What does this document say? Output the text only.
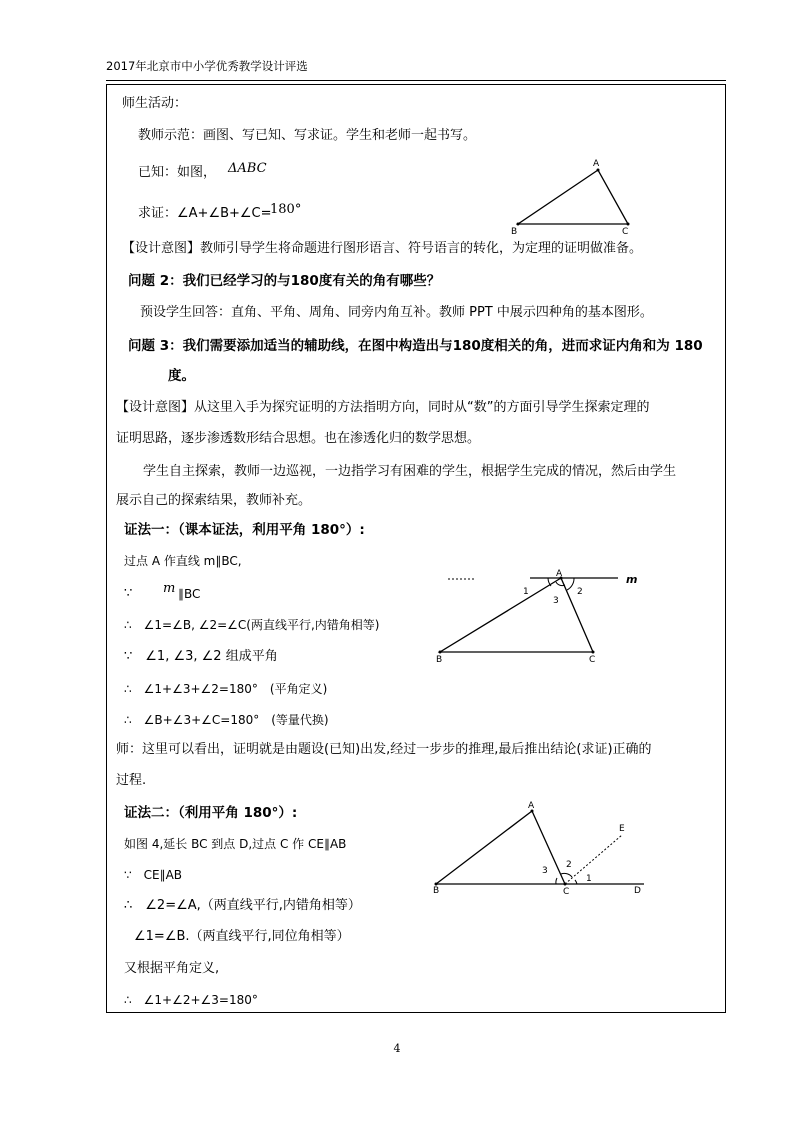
2017年北京市中小学优秀教学设计评选
师生活动：
教师示范：画图、写已知、写求证。学生和老师一起书写。
已知：如图， ΔABC
求证：∠A+∠B+∠C=
180°
【设计意图】教师引导学生将命题进行图形语言、符号语言的转化，为定理的证明做准备。
问题 2：我们已经学习的与180度有关的角有哪些？
预设学生回答：直角、平角、周角、同旁内角互补。教师 PPT 中展示四种角的基本图形。
问题 3：我们需要添加适当的辅助线，在图中构造出与180度相关的角，进而求证内角和为 180
度。
【设计意图】从这里入手为探究证明的方法指明方向，同时从“数”的方面引导学生探索定理的
证明思路，逐步渗透数形结合思想。也在渗透化归的数学思想。
学生自主探索，教师一边巡视，一边指学习有困难的学生，根据学生完成的情况，然后由学生
展示自己的探索结果，教师补充。
证法一：（课本证法，利用平角 180°）:
过点 A 作直线 m∥BC,
∵ m ∥BC
∴　∠1=∠B, ∠2=∠C(两直线平行,内错角相等)
∵　∠1, ∠3, ∠2 组成平角
∴　∠1+∠3+∠2=180°　(平角定义)
∴　∠B+∠3+∠C=180°　(等量代换)
师：这里可以看出，证明就是由题设(已知)出发,经过一步步的推理,最后推出结论(求证)正确的
过程.
证法二：（利用平角 180°）:
如图 4,延长 BC 到点 D,过点 C 作 CE∥AB
∵　CE∥AB
∴　∠2=∠A,（两直线平行,内错角相等）
∠1=∠B.（两直线平行,同位角相等）
又根据平角定义,
∴　∠1+∠2+∠3=180°
A
B	C
A
B	C
m
1	2
3
A
B	C	D
E
1
2
3
4
